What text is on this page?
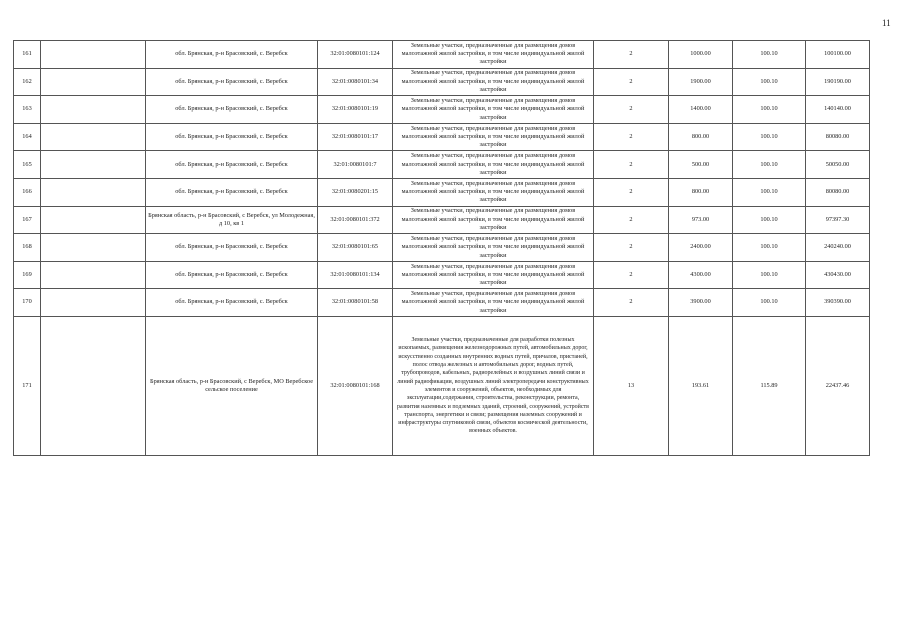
11
161		обл. Брянская, р-н Брасовский, с. Веребск	32:01:0080101:124	Земельные участки, предназначенные для размещения домов малоэтажной жилой застройки, в том числе индивидуальной жилой застройки	2	1000.00	100.10	100100.00
162		обл. Брянская, р-н Брасовский, с. Веребск	32:01:0080101:34	Земельные участки, предназначенные для размещения домов малоэтажной жилой застройки, в том числе индивидуальной жилой застройки	2	1900.00	100.10	190190.00
163		обл. Брянская, р-н Брасовский, с. Веребск	32:01:0080101:19	Земельные участки, предназначенные для размещения домов малоэтажной жилой застройки, в том числе индивидуальной жилой застройки	2	1400.00	100.10	140140.00
164		обл. Брянская, р-н Брасовский, с. Веребск	32:01:0080101:17	Земельные участки, предназначенные для размещения домов малоэтажной жилой застройки, в том числе индивидуальной жилой застройки	2	800.00	100.10	80080.00
165		обл. Брянская, р-н Брасовский, с. Веребск	32:01:0080101:7	Земельные участки, предназначенные для размещения домов малоэтажной жилой застройки, в том числе индивидуальной жилой застройки	2	500.00	100.10	50050.00
166		обл. Брянская, р-н Брасовский, с. Веребск	32:01:0080201:15	Земельные участки, предназначенные для размещения домов малоэтажной жилой застройки, в том числе индивидуальной жилой застройки	2	800.00	100.10	80080.00
167		Брянская область, р-н Брасовский, с Веребск, ул Молодежная, д 10, кв 1	32:01:0080101:372	Земельные участки, предназначенные для размещения домов малоэтажной жилой застройки, в том числе индивидуальной жилой застройки	2	973.00	100.10	97397.30
168		обл. Брянская, р-н Брасовский, с. Веребск	32:01:0080101:65	Земельные участки, предназначенные для размещения домов малоэтажной жилой застройки, в том числе индивидуальной жилой застройки	2	2400.00	100.10	240240.00
169		обл. Брянская, р-н Брасовский, с. Веребск	32:01:0080101:134	Земельные участки, предназначенные для размещения домов малоэтажной жилой застройки, в том числе индивидуальной жилой застройки	2	4300.00	100.10	430430.00
170		обл. Брянская, р-н Брасовский, с. Веребск	32:01:0080101:58	Земельные участки, предназначенные для размещения домов малоэтажной жилой застройки, в том числе индивидуальной жилой застройки	2	3900.00	100.10	390390.00
171		Брянская область, р-н Брасовский, с Веребск, МО Веребское сельское поселение	32:01:0080101:168	Земельные участки, предназначенные для разработки полезных ископаемых, размещения железнодорожных путей, автомобильных дорог, искусственно созданных внутренних водных путей, причалов, пристаней, полос отвода железных и автомобильных дорог, водных путей, трубопроводов, кабельных, радиорелейных и воздушных линий связи и линий радиофикации, воздушных линий электропередачи конструктивных элементов и сооружений, объектов, необходимых для эксплуатации,содержания, строительства, реконструкции, ремонта, развития наземных и подземных зданий, строений, сооружений, устройств транспорта, энергетики и связи; размещения наземных сооружений и инфраструктуры спутниковой связи, объектов космической деятельности, военных объектов.	13	193.61	115.89	22437.46
